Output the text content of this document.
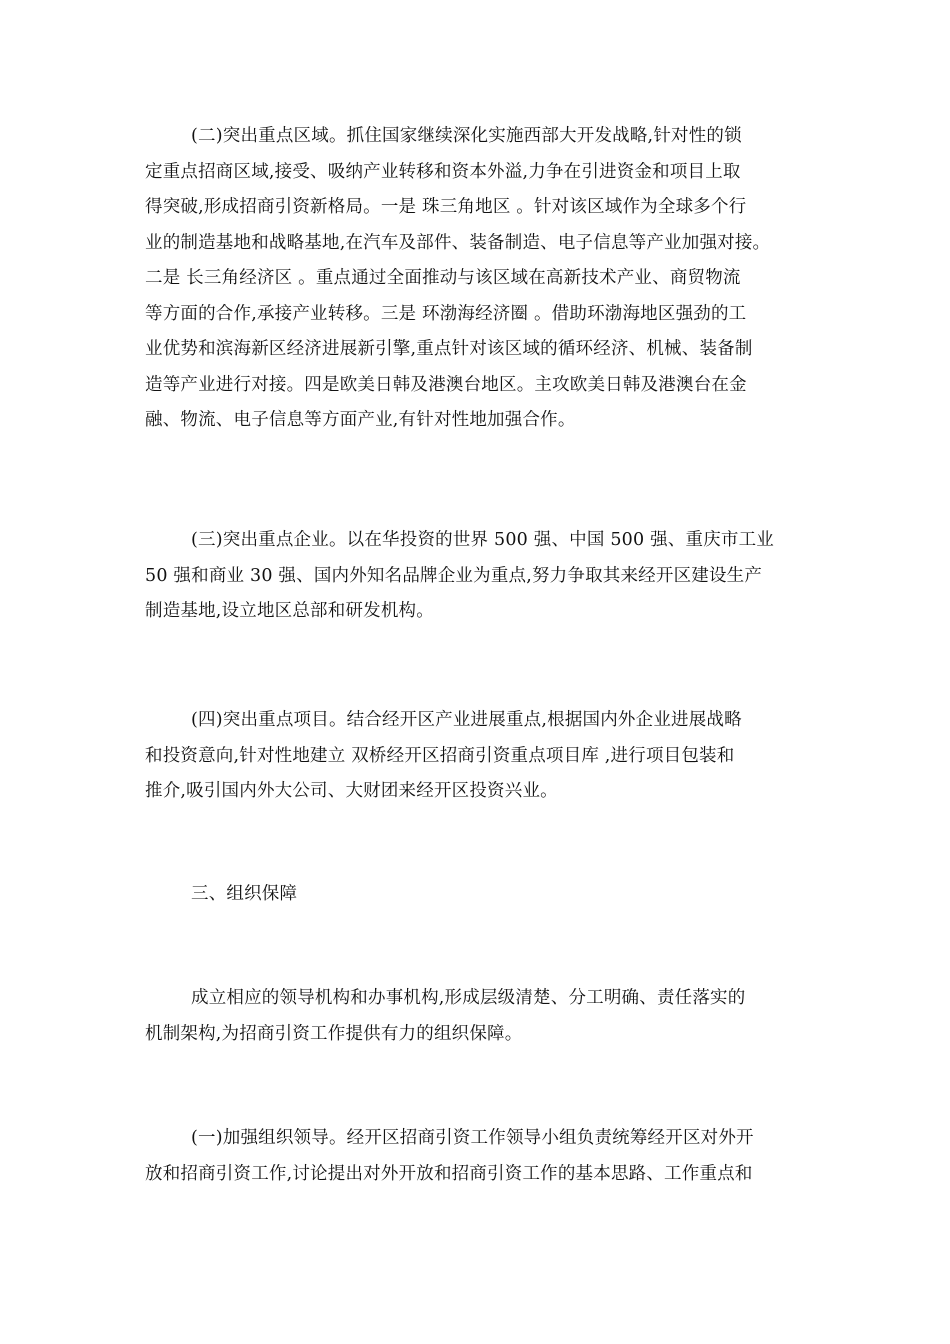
(二)突出重点区域。抓住国家继续深化实施西部大开发战略,针对性的锁
定重点招商区域,接受、吸纳产业转移和资本外溢,力争在引进资金和项目上取
得突破,形成招商引资新格局。一是 珠三角地区 。针对该区域作为全球多个行
业的制造基地和战略基地,在汽车及部件、装备制造、电子信息等产业加强对接。
二是 长三角经济区 。重点通过全面推动与该区域在高新技术产业、商贸物流
等方面的合作,承接产业转移。三是 环渤海经济圈 。借助环渤海地区强劲的工
业优势和滨海新区经济进展新引擎,重点针对该区域的循环经济、机械、装备制
造等产业进行对接。四是欧美日韩及港澳台地区。主攻欧美日韩及港澳台在金
融、物流、电子信息等方面产业,有针对性地加强合作。

(三)突出重点企业。以在华投资的世界 500 强、中国 500 强、重庆市工业
50 强和商业 30 强、国内外知名品牌企业为重点,努力争取其来经开区建设生产
制造基地,设立地区总部和研发机构。

(四)突出重点项目。结合经开区产业进展重点,根据国内外企业进展战略
和投资意向,针对性地建立 双桥经开区招商引资重点项目库 ,进行项目包装和
推介,吸引国内外大公司、大财团来经开区投资兴业。

三、组织保障

成立相应的领导机构和办事机构,形成层级清楚、分工明确、责任落实的
机制架构,为招商引资工作提供有力的组织保障。

(一)加强组织领导。经开区招商引资工作领导小组负责统筹经开区对外开
放和招商引资工作,讨论提出对外开放和招商引资工作的基本思路、工作重点和
